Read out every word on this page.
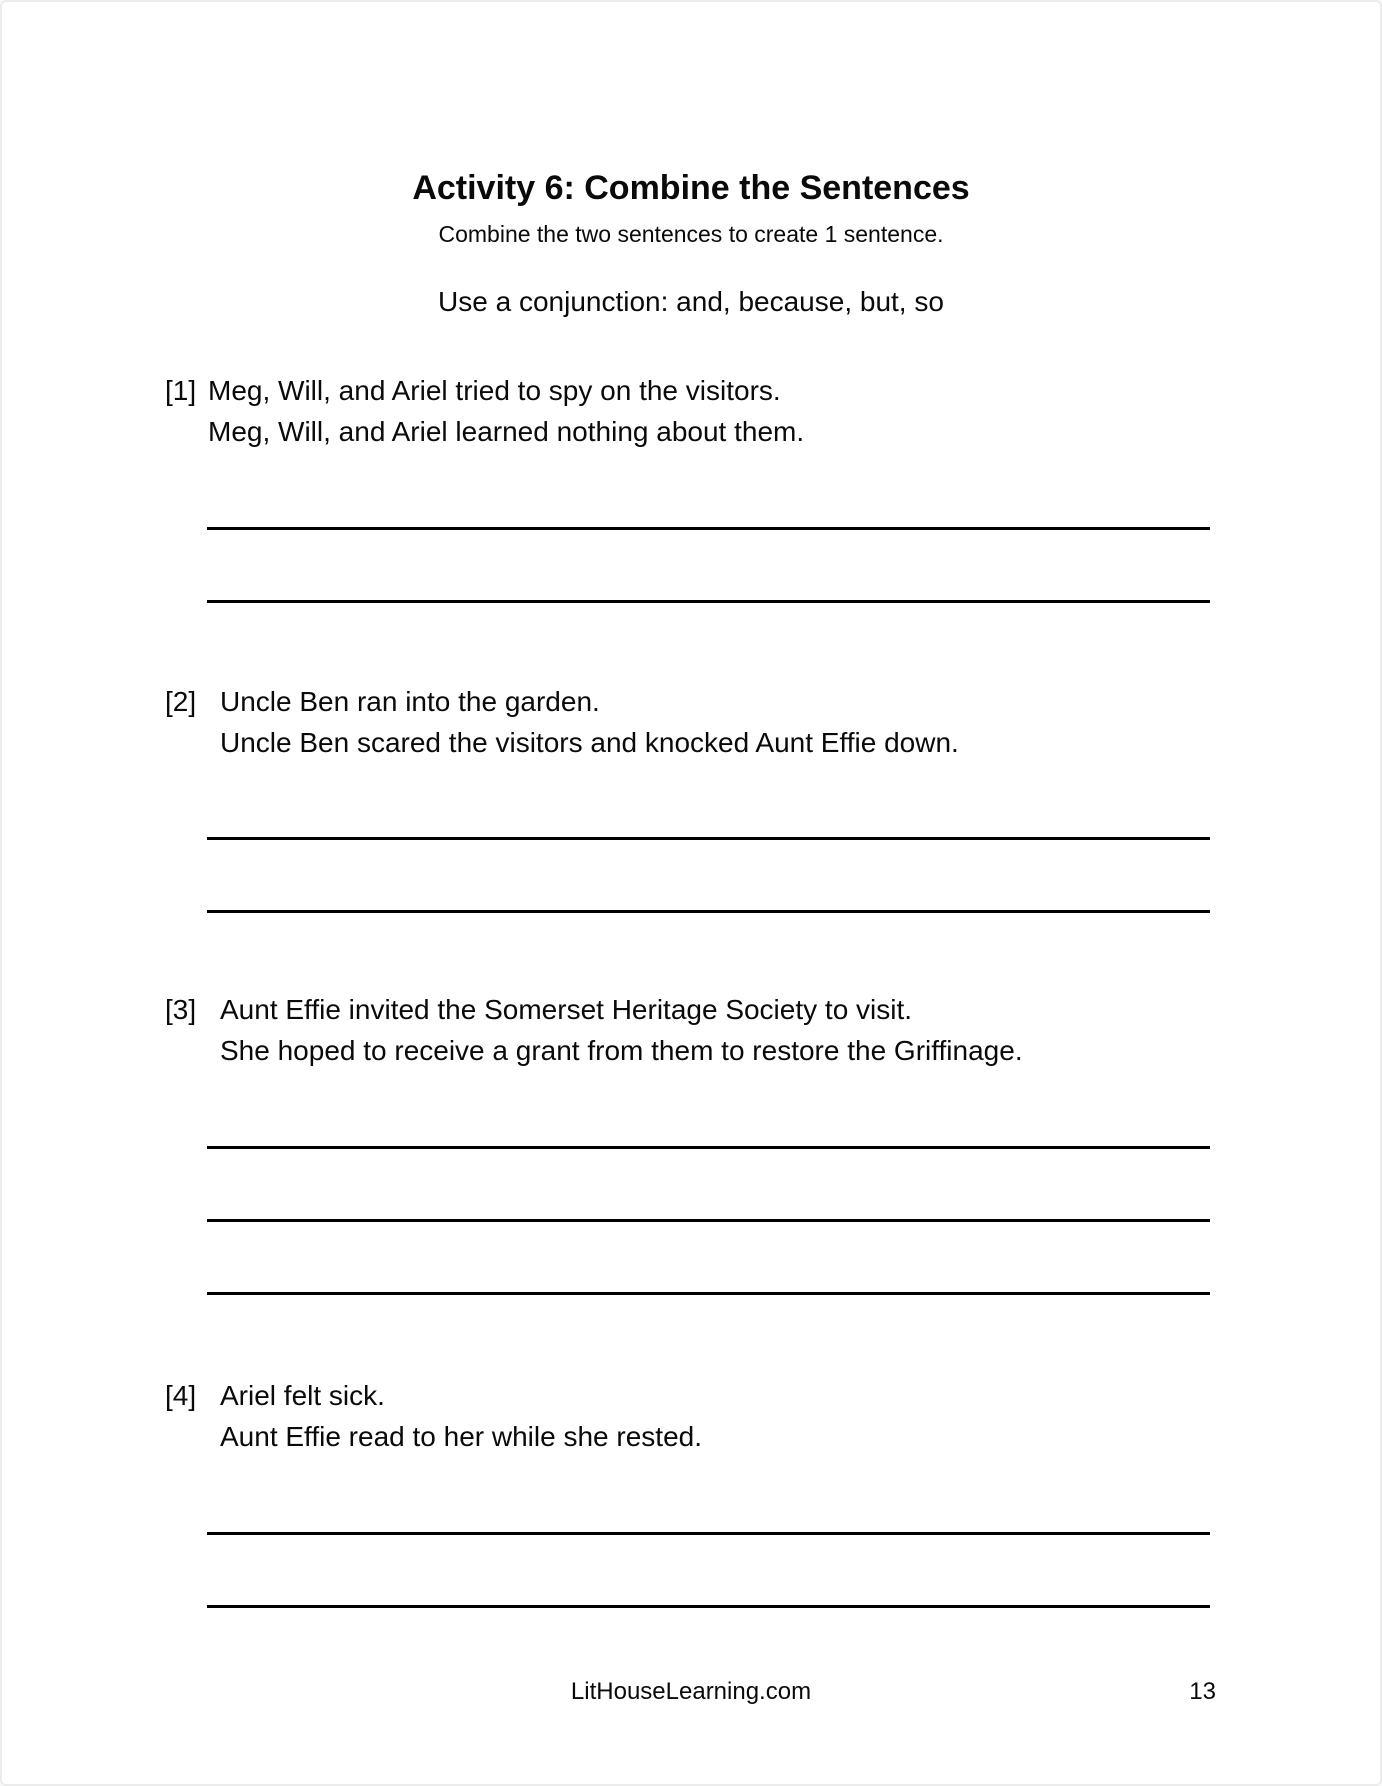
Activity 6: Combine the Sentences

Combine the two sentences to create 1 sentence.

Use a conjunction: and, because, but, so

[1] Meg, Will, and Ariel tried to spy on the visitors.
Meg, Will, and Ariel learned nothing about them.
[2] Uncle Ben ran into the garden.
Uncle Ben scared the visitors and knocked Aunt Effie down.
[3] Aunt Effie invited the Somerset Heritage Society to visit.
She hoped to receive a grant from them to restore the Griffinage.
[4] Ariel felt sick.
Aunt Effie read to her while she rested.
LitHouseLearning.com	13
